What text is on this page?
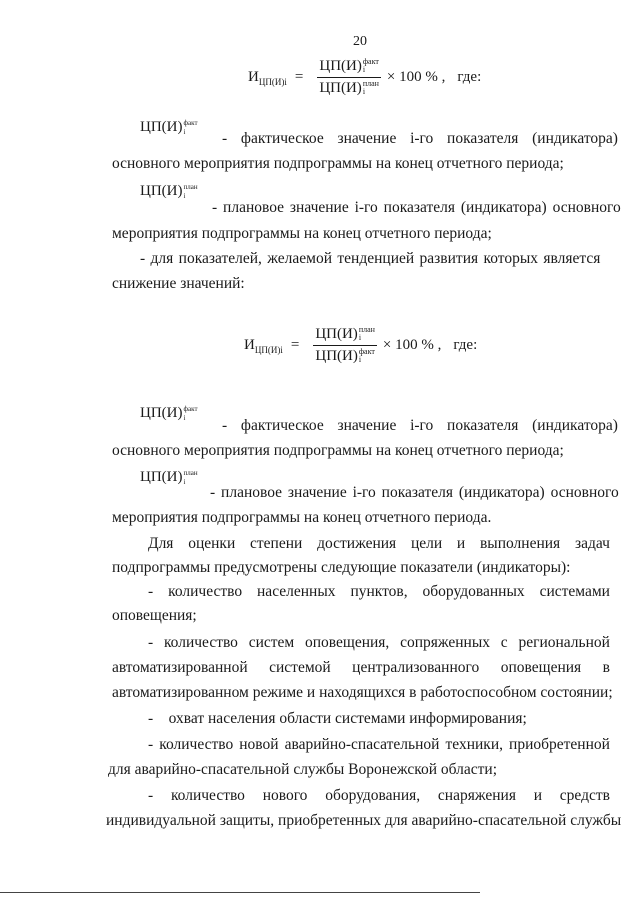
20
$И_{ЦП(И)і} = ЦП(И)$ факт
і
ЦП(И) план
і × 100 % , где:
ЦП(И) факт
і	- фактическое значение і-го показателя (индикатора)
основного мероприятия подпрограммы на конец отчетного периода;
ЦП(И) план
і
- плановое значение і-го показателя (индикатора) основного
мероприятия подпрограммы на конец отчетного периода;
- для показателей, желаемой тенденцией развития которых является
снижение значений:
$И_{ЦП(И)і} = ЦП(И)$ план
і
ЦП(И) факт
і × 100 % , где:
ЦП(И) факт
і	- фактическое значение і-го показателя (индикатора)
основного мероприятия подпрограммы на конец отчетного периода;
ЦП(И) план
і
- плановое значение і-го показателя (индикатора) основного
мероприятия подпрограммы на конец отчетного периода.
Для оценки степени достижения цели и выполнения задач
подпрограммы предусмотрены следующие показатели (индикаторы):
- количество населенных пунктов, оборудованных системами
оповещения;
- количество систем оповещения, сопряженных с региональной
автоматизированной системой централизованного оповещения в
автоматизированном режиме и находящихся в работоспособном состоянии;
-    охват населения области системами информирования;
- количество новой аварийно-спасательной техники, приобретенной
для аварийно-спасательной службы Воронежской области;
- количество нового оборудования, снаряжения и средств
индивидуальной защиты, приобретенных для аварийно-спасательной службы
